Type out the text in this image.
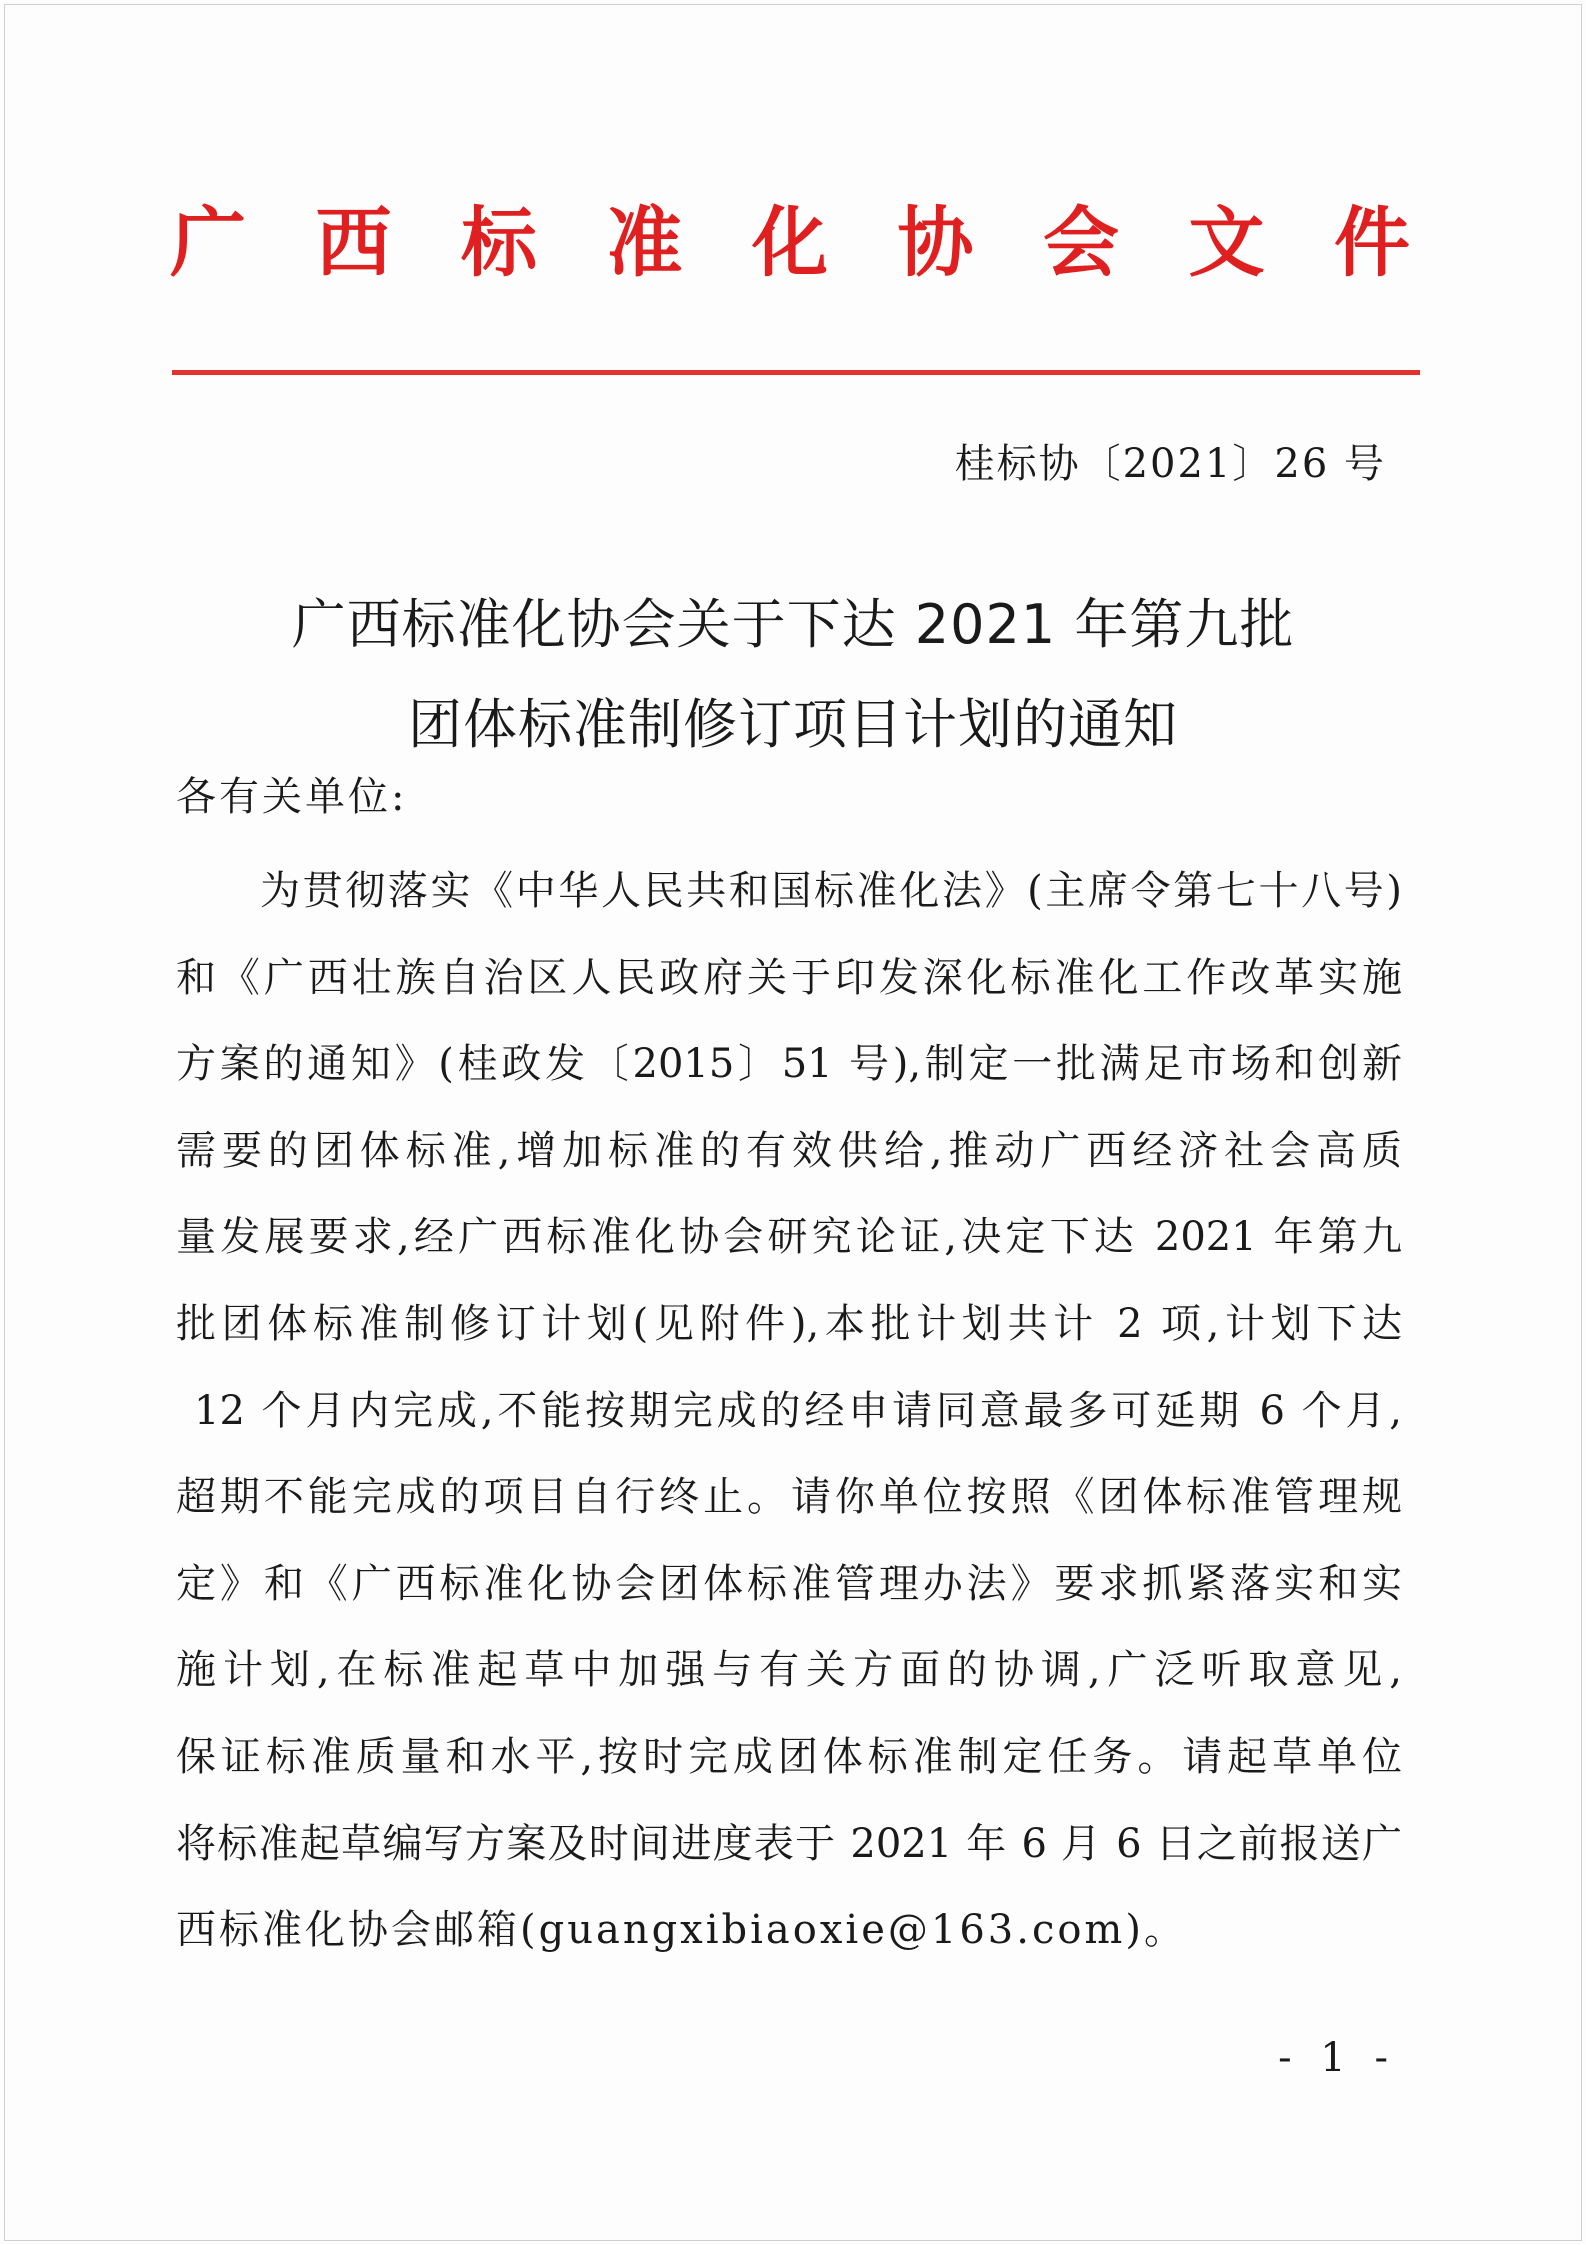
广 西 标 准 化 协 会 文 件
桂标协〔2021〕26 号
广西标准化协会关于下达 2021 年第九批
团体标准制修订项目计划的通知
各有关单位:
为贯彻落实《中华人民共和国标准化法》(主席令第七十八号)
和《广西壮族自治区人民政府关于印发深化标准化工作改革实施
方案的通知》(桂政发〔2015〕51 号),制定一批满足市场和创新
需要的团体标准,增加标准的有效供给,推动广西经济社会高质
量发展要求,经广西标准化协会研究论证,决定下达 2021 年第九
批团体标准制修订计划(见附件),本批计划共计 2 项,计划下达
12 个月内完成,不能按期完成的经申请同意最多可延期 6 个月,
超期不能完成的项目自行终止。请你单位按照《团体标准管理规
定》和《广西标准化协会团体标准管理办法》要求抓紧落实和实
施计划,在标准起草中加强与有关方面的协调,广泛听取意见,
保证标准质量和水平,按时完成团体标准制定任务。请起草单位
将标准起草编写方案及时间进度表于 2021 年 6 月 6 日之前报送广
西标准化协会邮箱(guangxibiaoxie@163.com)。
- 1 -
